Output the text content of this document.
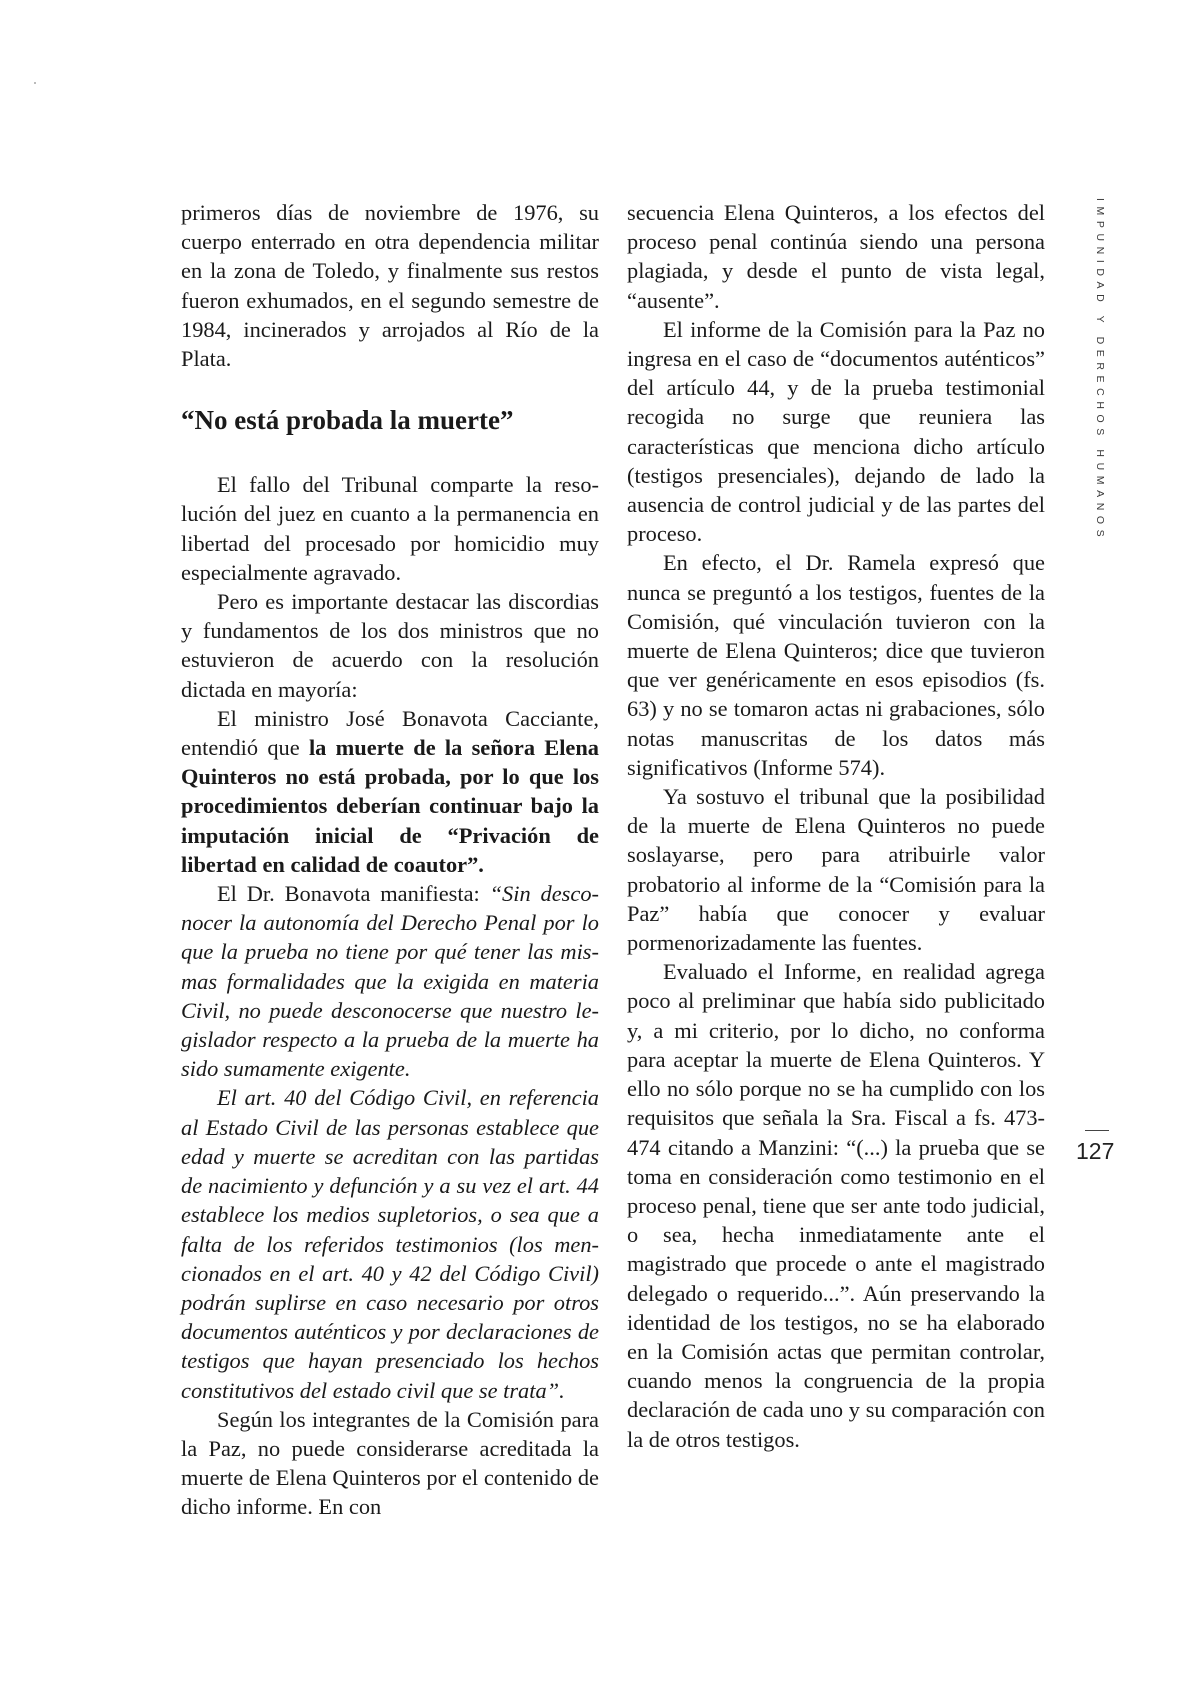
primeros días de noviembre de 1976, su cuerpo enterrado en otra dependencia militar en la zona de Toledo, y finalmente sus restos fueron exhumados, en el segundo semestre de 1984, incinerados y arrojados al Río de la Plata.

“No está probada la muerte”

El fallo del Tribunal comparte la resolución del juez en cuanto a la permanencia en libertad del procesado por homicidio muy especialmente agravado.

Pero es importante destacar las discordias y fundamentos de los dos ministros que no estuvieron de acuerdo con la resolución dictada en mayoría:

El ministro José Bonavota Cacciante, entendió que la muerte de la señora Elena Quinteros no está probada, por lo que los procedimientos deberían continuar bajo la imputación inicial de “Privación de libertad en calidad de coautor”.

El Dr. Bonavota manifiesta: “Sin desconocer la autonomía del Derecho Penal por lo que la prueba no tiene por qué tener las mismas formalidades que la exigida en materia Civil, no puede desconocerse que nuestro legislador respecto a la prueba de la muerte ha sido sumamente exigente.

El art. 40 del Código Civil, en referencia al Estado Civil de las personas establece que edad y muerte se acreditan con las partidas de nacimiento y defunción y a su vez el art. 44 establece los medios supletorios, o sea que a falta de los referidos testimonios (los mencionados en el art. 40 y 42 del Código Civil) podrán suplirse en caso necesario por otros documentos auténticos y por declaraciones de testigos que hayan presenciado los hechos constitutivos del estado civil que se trata”.

Según los integrantes de la Comisión para la Paz, no puede considerarse acreditada la muerte de Elena Quinteros por el contenido de dicho informe. En con

secuencia Elena Quinteros, a los efectos del proceso penal continúa siendo una persona plagiada, y desde el punto de vista legal, “ausente”.

El informe de la Comisión para la Paz no ingresa en el caso de “documentos auténticos” del artículo 44, y de la prueba testimonial recogida no surge que reuniera las características que menciona dicho artículo (testigos presenciales), dejando de lado la ausencia de control judicial y de las partes del proceso.

En efecto, el Dr. Ramela expresó que nunca se preguntó a los testigos, fuentes de la Comisión, qué vinculación tuvieron con la muerte de Elena Quinteros; dice que tuvieron que ver genéricamente en esos episodios (fs. 63) y no se tomaron actas ni grabaciones, sólo notas manuscritas de los datos más significativos (Informe 574).

Ya sostuvo el tribunal que la posibilidad de la muerte de Elena Quinteros no puede soslayarse, pero para atribuirle valor probatorio al informe de la “Comisión para la Paz” había que conocer y evaluar pormenorizadamente las fuentes.

Evaluado el Informe, en realidad agrega poco al preliminar que había sido publicitado y, a mi criterio, por lo dicho, no conforma para aceptar la muerte de Elena Quinteros. Y ello no sólo porque no se ha cumplido con los requisitos que señala la Sra. Fiscal a fs. 473-474 citando a Manzini: “(...) la prueba que se toma en consideración como testimonio en el proceso penal, tiene que ser ante todo judicial, o sea, hecha inmediatamente ante el magistrado que procede o ante el magistrado delegado o requerido...”. Aún preservando la identidad de los testigos, no se ha elaborado en la Comisión actas que permitan controlar, cuando menos la congruencia de la propia declaración de cada uno y su comparación con la de otros testigos.

IMPUNIDAD Y DERECHOS HUMANOS
127
